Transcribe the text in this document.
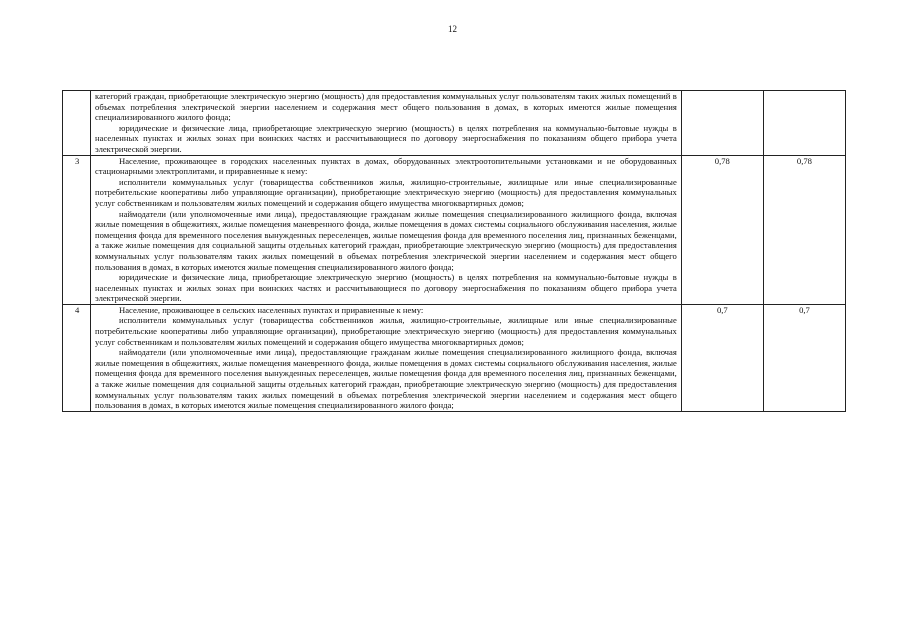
12

	категорий граждан, приобретающие электрическую энергию (мощность) для предоставления коммунальных услуг пользователям таких жилых помещений в объемах потребления электрической энергии населением и содержания мест общего пользования в домах, в которых имеются жилые помещения специализированного жилого фонда;

юридические и физические лица, приобретающие электрическую энергию (мощность) в целях потребления на коммунально-бытовые нужды в населенных пунктах и жилых зонах при воинских частях и рассчитывающиеся по договору энергоснабжения по показаниям общего прибора учета электрической энергии.		

3	Население, проживающее в городских населенных пунктах в домах, оборудованных электроотопительными установками и не оборудованных стационарными электроплитами, и приравненные к нему:

исполнители коммунальных услуг (товарищества собственников жилья, жилищно-строительные, жилищные или иные специализированные потребительские кооперативы либо управляющие организации), приобретающие электрическую энергию (мощность) для предоставления коммунальных услуг собственникам и пользователям жилых помещений и содержания общего имущества многоквартирных домов;

наймодатели (или уполномоченные ими лица), предоставляющие гражданам жилые помещения специализированного жилищного фонда, включая жилые помещения в общежитиях, жилые помещения маневренного фонда, жилые помещения в домах системы социального обслуживания населения, жилые помещения фонда для временного поселения вынужденных переселенцев, жилые помещения фонда для временного поселения лиц, признанных беженцами, а также жилые помещения для социальной защиты отдельных категорий граждан, приобретающие электрическую энергию (мощность) для предоставления коммунальных услуг пользователям таких жилых помещений в объемах потребления электрической энергии населением и содержания мест общего пользования в домах, в которых имеются жилые помещения специализированного жилого фонда;

юридические и физические лица, приобретающие электрическую энергию (мощность) в целях потребления на коммунально-бытовые нужды в населенных пунктах и жилых зонах при воинских частях и рассчитывающиеся по договору энергоснабжения по показаниям общего прибора учета электрической энергии.	0,78	0,78
4	Население, проживающее в сельских населенных пунктах и приравненные к нему:

исполнители коммунальных услуг (товарищества собственников жилья, жилищно-строительные, жилищные или иные специализированные потребительские кооперативы либо управляющие организации), приобретающие электрическую энергию (мощность) для предоставления коммунальных услуг собственникам и пользователям жилых помещений и содержания общего имущества многоквартирных домов;

наймодатели (или уполномоченные ими лица), предоставляющие гражданам жилые помещения специализированного жилищного фонда, включая жилые помещения в общежитиях, жилые помещения маневренного фонда, жилые помещения в домах системы социального обслуживания населения, жилые помещения фонда для временного поселения вынужденных переселенцев, жилые помещения фонда для временного поселения лиц, признанных беженцами, а также жилые помещения для социальной защиты отдельных категорий граждан, приобретающие электрическую энергию (мощность) для предоставления коммунальных услуг пользователям таких жилых помещений в объемах потребления электрической энергии населением и содержания мест общего пользования в домах, в которых имеются жилые помещения специализированного жилого фонда;	0,7	0,7
